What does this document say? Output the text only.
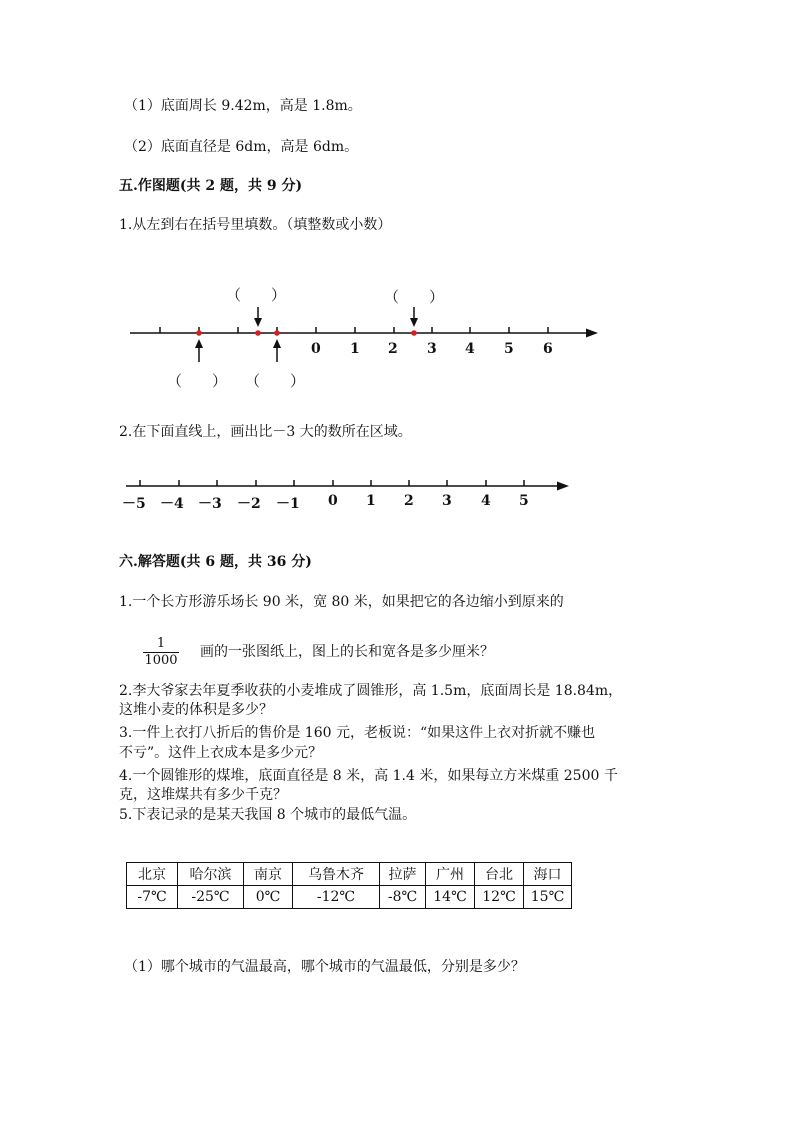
（1）底面周长 9.42m，高是 1.8m。
（2）底面直径是 6dm，高是 6dm。
五.作图题(共 2 题，共 9 分)
1.从左到右在括号里填数。（填整数或小数）
（　　）	（　　）
（　　） （　　）
0 1 2 3 4 5 6
2.在下面直线上，画出比－3 大的数所在区域。
－5 －4 －3 －2 －1 0 1 2 3 4 5
六.解答题(共 6 题，共 36 分)
1.一个长方形游乐场长 90 米，宽 80 米，如果把它的各边缩小到原来的
$\frac{1}{1000}$ 画的一张图纸上，图上的长和宽各是多少厘米？
2.李大爷家去年夏季收获的小麦堆成了圆锥形，高 1.5m，底面周长是 18.84m，
这堆小麦的体积是多少？
3.一件上衣打八折后的售价是 160 元，老板说：“如果这件上衣对折就不赚也
不亏”。这件上衣成本是多少元？
4.一个圆锥形的煤堆，底面直径是 8 米，高 1.4 米，如果每立方米煤重 2500 千
克，这堆煤共有多少千克？
5.下表记录的是某天我国 8 个城市的最低气温。
北京	哈尔滨	南京	乌鲁木齐	拉萨	广州	台北	海口
-7℃	-25℃	0℃	-12℃	-8℃	14℃	12℃	15℃
（1）哪个城市的气温最高，哪个城市的气温最低，分别是多少？
